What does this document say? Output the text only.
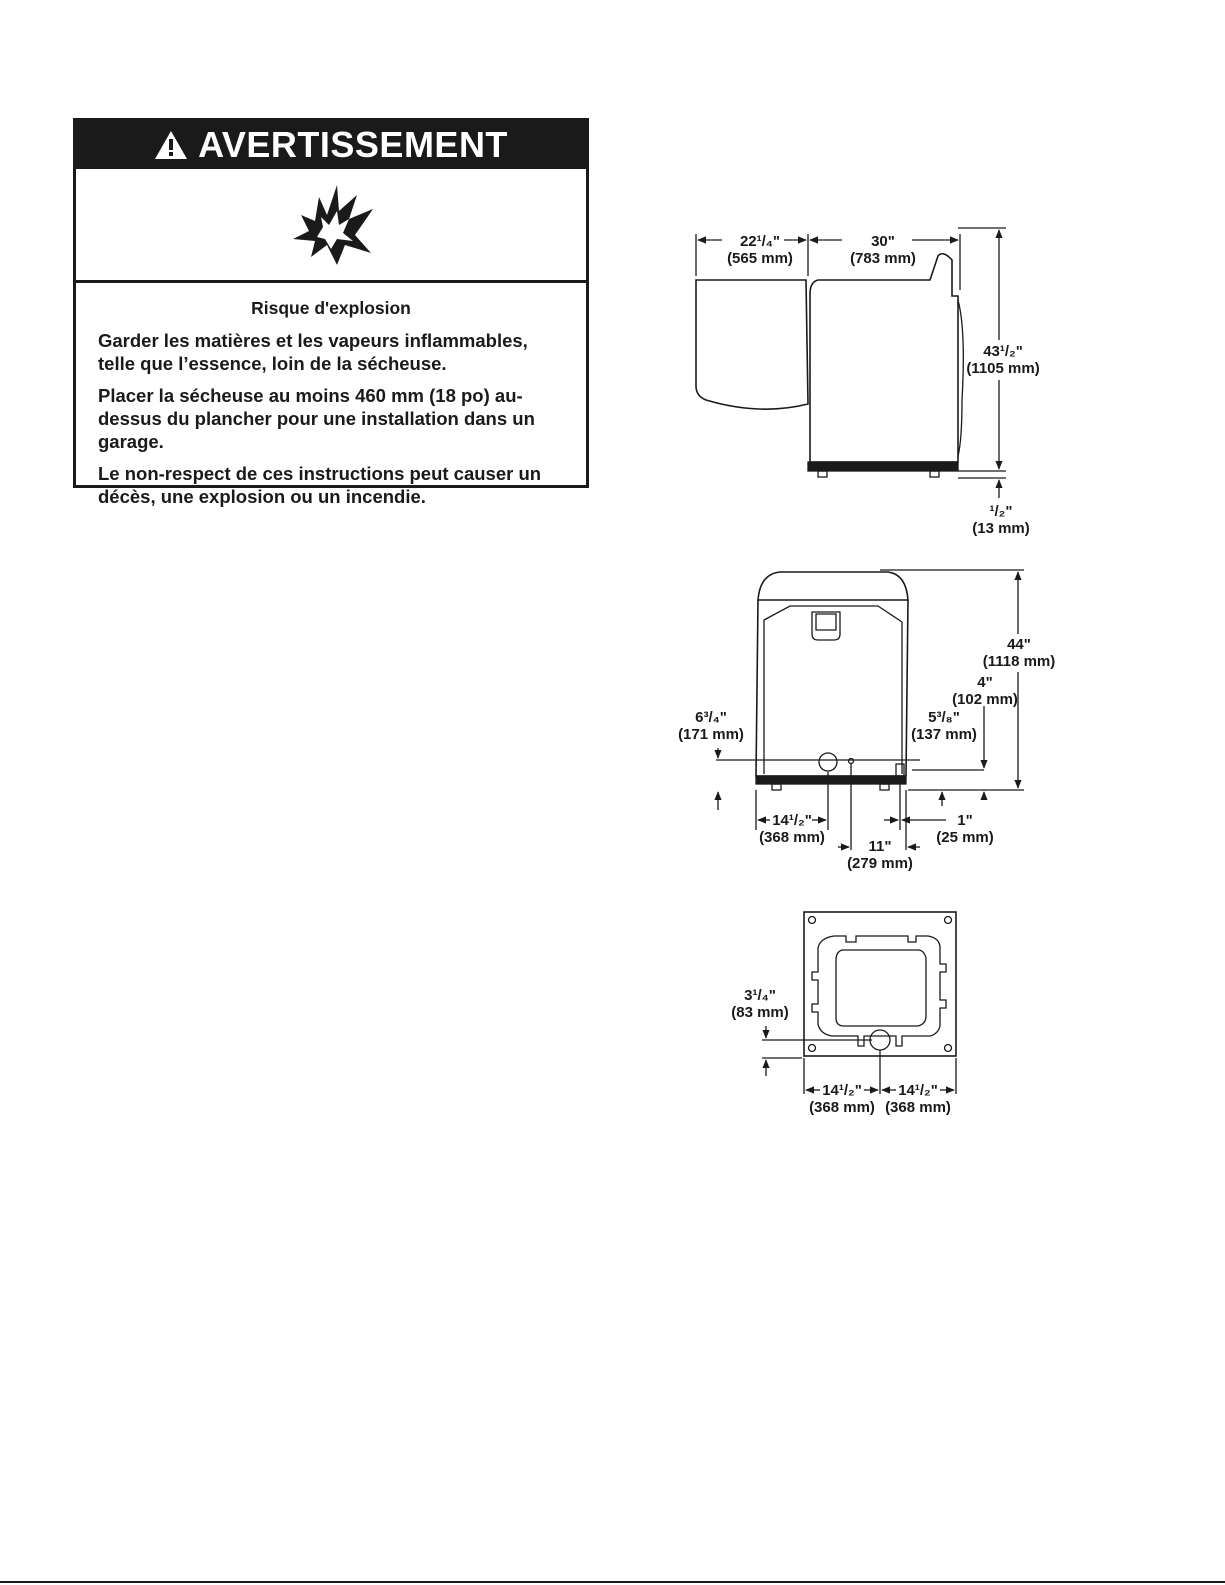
AVERTISSEMENT
Risque d'explosion

Garder les matières et les vapeurs inflammables, telle que l’essence, loin de la sécheuse.

Placer la sécheuse au moins 460 mm (18 po) au-dessus du plancher pour une installation dans un garage.

Le non-respect de ces instructions peut causer un décès, une explosion ou un incendie.

22¹/₄"
(565 mm)
30"
(783 mm)
43¹/₂"
(1105 mm)
¹/₂"
(13 mm)
44"
(1118 mm)
4"
(102 mm)
5³/₈"
(137 mm)
6³/₄"
(171 mm)
14¹/₂"
(368 mm)
11"
(279 mm)
1"
(25 mm)
3¹/₄"
(83 mm)
14¹/₂"
(368 mm)
14¹/₂"
(368 mm)
